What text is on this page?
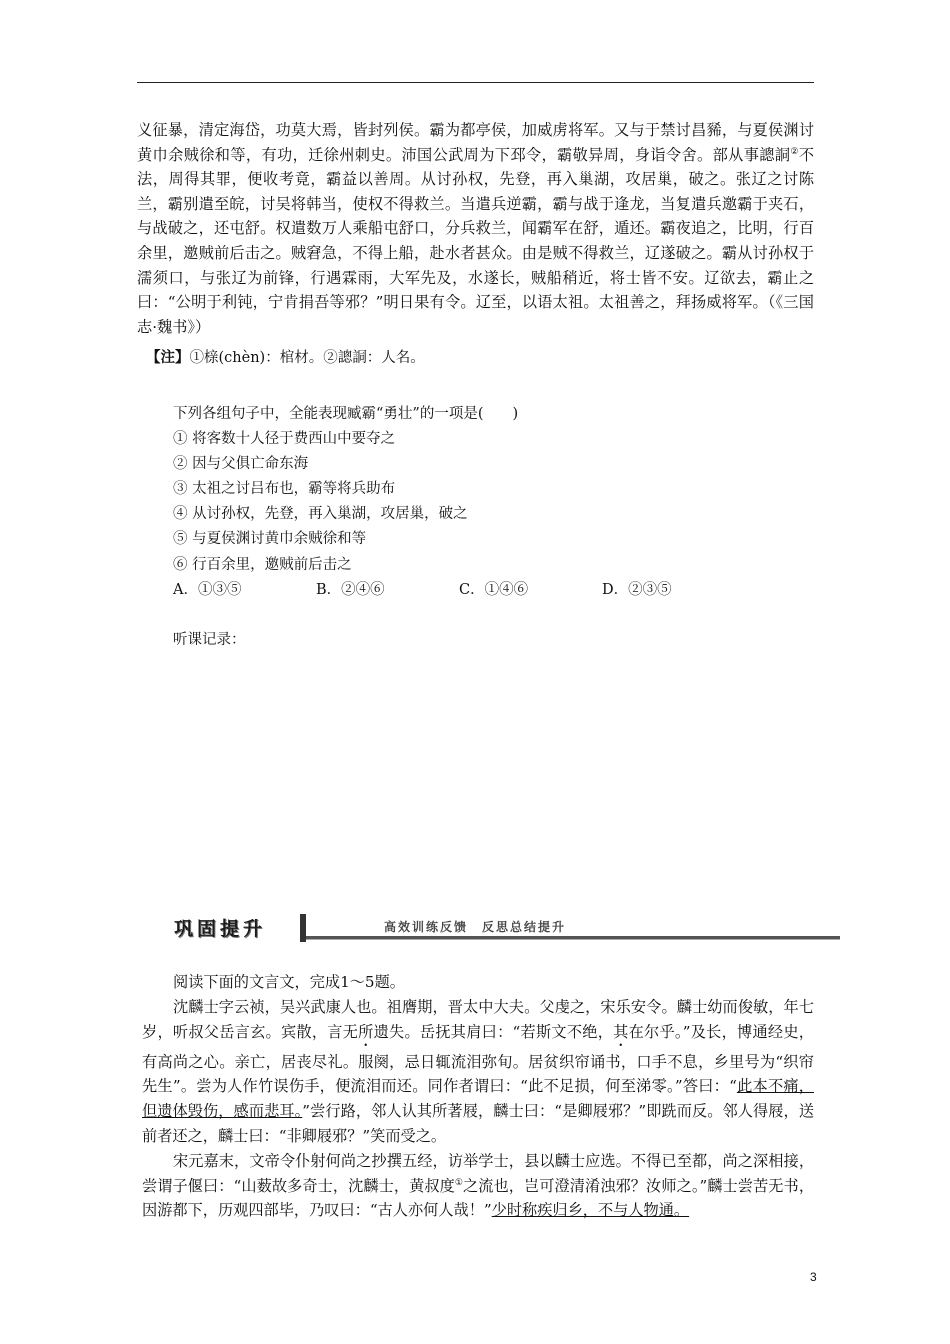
义征暴，清定海岱，功莫大焉，皆封列侯。霸为都亭侯，加威虏将军。又与于禁讨昌豨，与夏侯渊讨黄巾余贼徐和等，有功，迁徐州刺史。沛国公武周为下邳令，霸敬异周，身诣令舍。部从事謥詷②不法，周得其罪，便收考竟，霸益以善周。从讨孙权，先登，再入巢湖，攻居巢，破之。张辽之讨陈兰，霸别遣至皖，讨吴将韩当，使权不得救兰。当遣兵逆霸，霸与战于逢龙，当复遣兵邀霸于夹石，与战破之，还屯舒。权遣数万人乘船屯舒口，分兵救兰，闻霸军在舒，遁还。霸夜追之，比明，行百余里，邀贼前后击之。贼窘急，不得上船，赴水者甚众。由是贼不得救兰，辽遂破之。霸从讨孙权于濡须口，与张辽为前锋，行遇霖雨，大军先及，水遂长，贼船稍近，将士皆不安。辽欲去，霸止之曰：“公明于利钝，宁肯捐吾等邪？”明日果有令。辽至，以语太祖。太祖善之，拜扬威将军。（《三国志·魏书》）

【注】①榇(chèn)：棺材。②謥詷：人名。
下列各组句子中，全能表现臧霸“勇壮”的一项是(　　)
① 将客数十人径于费西山中要夺之
② 因与父俱亡命东海
③ 太祖之讨吕布也，霸等将兵助布
④ 从讨孙权，先登，再入巢湖，攻居巢，破之
⑤ 与夏侯渊讨黄巾余贼徐和等
⑥ 行百余里，邀贼前后击之
A．①③⑤	B．②④⑥	C．①④⑥	D．②③⑤
听课记录：
巩固提升	高效训练反馈　反思总结提升

阅读下面的文言文，完成1～5题。

沈麟士字云祯，吴兴武康人也。祖膺期，晋太中大夫。父虔之，宋乐安令。麟士幼而俊敏，年七岁，听叔父岳言玄。宾散，言无所遗失。岳抚其肩曰：“若斯文不绝，其在尔乎。”及长，博通经史，有高尚之心。亲亡，居丧尽礼。服阕，忌日辄流泪弥旬。居贫织帘诵书，口手不息，乡里号为“织帘先生”。尝为人作竹误伤手，便流泪而还。同作者谓曰：“此不足损，何至涕零。”答曰：“此本不痛，但遗体毁伤，感而悲耳。”尝行路，邻人认其所著屐，麟士曰：“是卿屐邪？”即跣而反。邻人得屐，送前者还之，麟士曰：“非卿屐邪？”笑而受之。

宋元嘉末，文帝令仆射何尚之抄撰五经，访举学士，县以麟士应选。不得已至都，尚之深相接，尝谓子偃曰：“山薮故多奇士，沈麟士，黄叔度①之流也，岂可澄清淆浊邪？汝师之。”麟士尝苦无书，因游都下，历观四部毕，乃叹曰：“古人亦何人哉！”少时称疾归乡，不与人物通。

3
